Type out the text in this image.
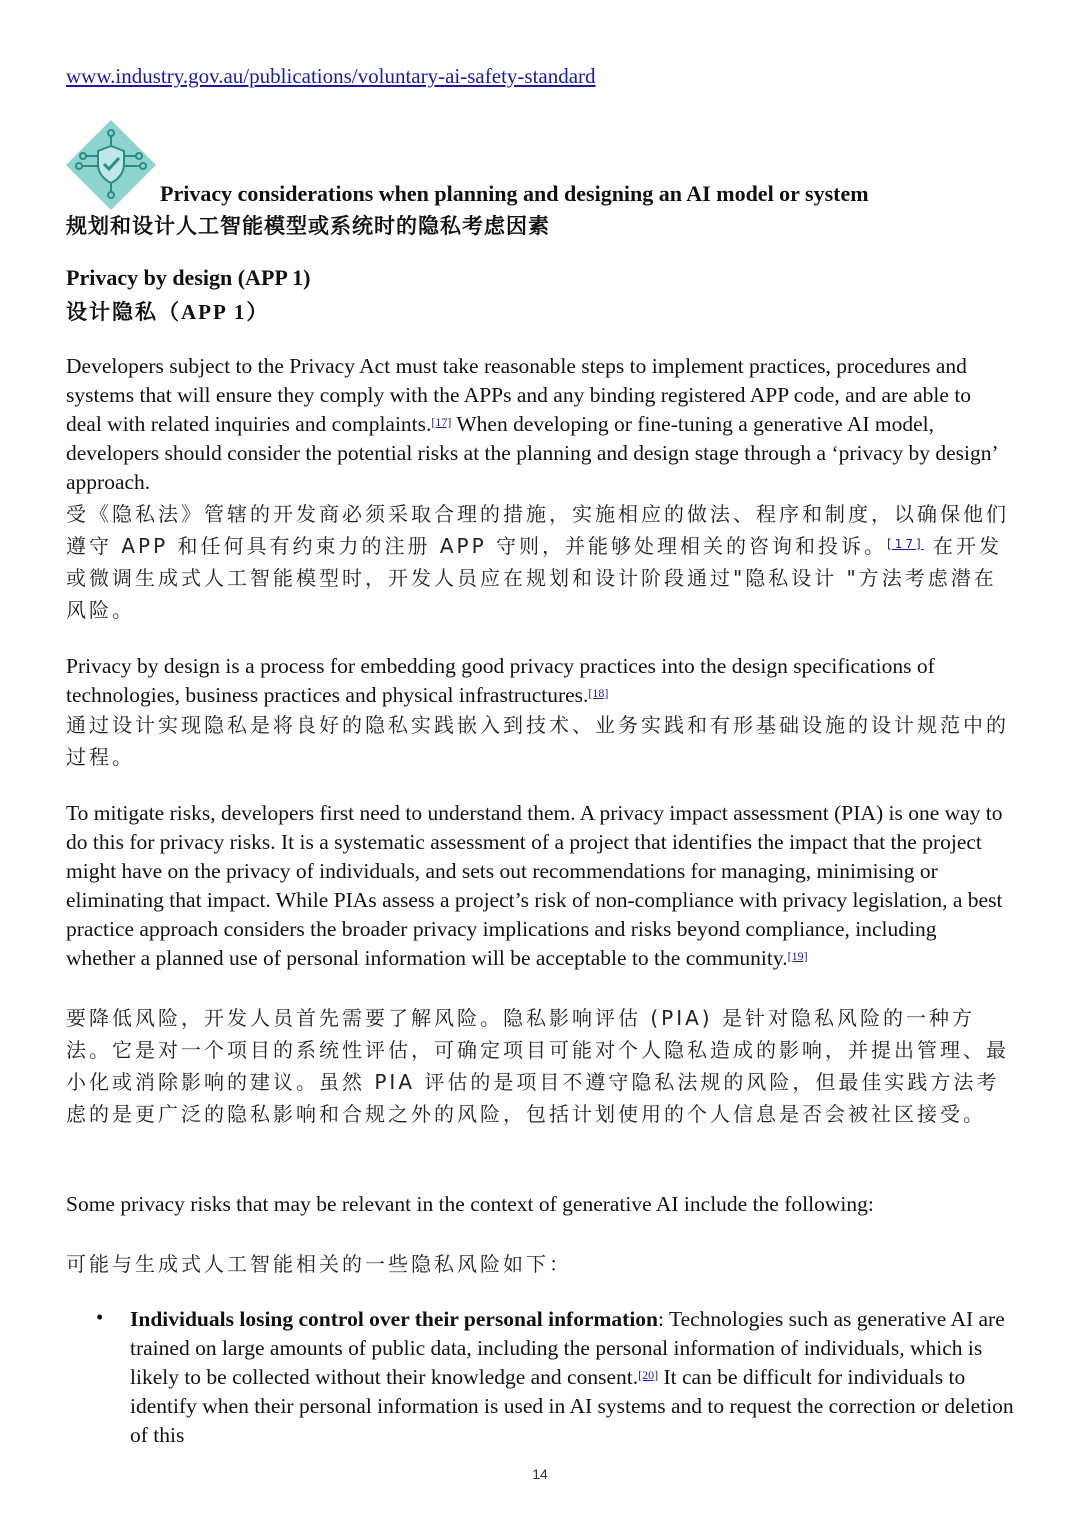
www.industry.gov.au/publications/voluntary-ai-safety-standard
Privacy considerations when planning and designing an AI model or system
规划和设计人工智能模型或系统时的隐私考虑因素
Privacy by design (APP 1)
设计隐私（APP 1）

Developers subject to the Privacy Act must take reasonable steps to implement practices, procedures and systems that will ensure they comply with the APPs and any binding registered APP code, and are able to deal with related inquiries and complaints.[17] When developing or fine-tuning a generative AI model, developers should consider the potential risks at the planning and design stage through a ‘privacy by design’ approach.

受《隐私法》管辖的开发商必须采取合理的措施，实施相应的做法、程序和制度，以确保他们遵守 APP 和任何具有约束力的注册 APP 守则，并能够处理相关的咨询和投诉。[17] 在开发或微调生成式人工智能模型时，开发人员应在规划和设计阶段通过"隐私设计 "方法考虑潜在风险。

Privacy by design is a process for embedding good privacy practices into the design specifications of technologies, business practices and physical infrastructures.[18]

通过设计实现隐私是将良好的隐私实践嵌入到技术、业务实践和有形基础设施的设计规范中的过程。

To mitigate risks, developers first need to understand them. A privacy impact assessment (PIA) is one way to do this for privacy risks. It is a systematic assessment of a project that identifies the impact that the project might have on the privacy of individuals, and sets out recommendations for managing, minimising or eliminating that impact. While PIAs assess a project’s risk of non-compliance with privacy legislation, a best practice approach considers the broader privacy implications and risks beyond compliance, including whether a planned use of personal information will be acceptable to the community.[19]

要降低风险，开发人员首先需要了解风险。隐私影响评估 (PIA) 是针对隐私风险的一种方法。它是对一个项目的系统性评估，可确定项目可能对个人隐私造成的影响，并提出管理、最小化或消除影响的建议。虽然 PIA 评估的是项目不遵守隐私法规的风险，但最佳实践方法考虑的是更广泛的隐私影响和合规之外的风险，包括计划使用的个人信息是否会被社区接受。

Some privacy risks that may be relevant in the context of generative AI include the following:

可能与生成式人工智能相关的一些隐私风险如下：

• Individuals losing control over their personal information: Technologies such as generative AI are trained on large amounts of public data, including the personal information of individuals, which is likely to be collected without their knowledge and consent.[20] It can be difficult for individuals to identify when their personal information is used in AI systems and to request the correction or deletion of this

14
